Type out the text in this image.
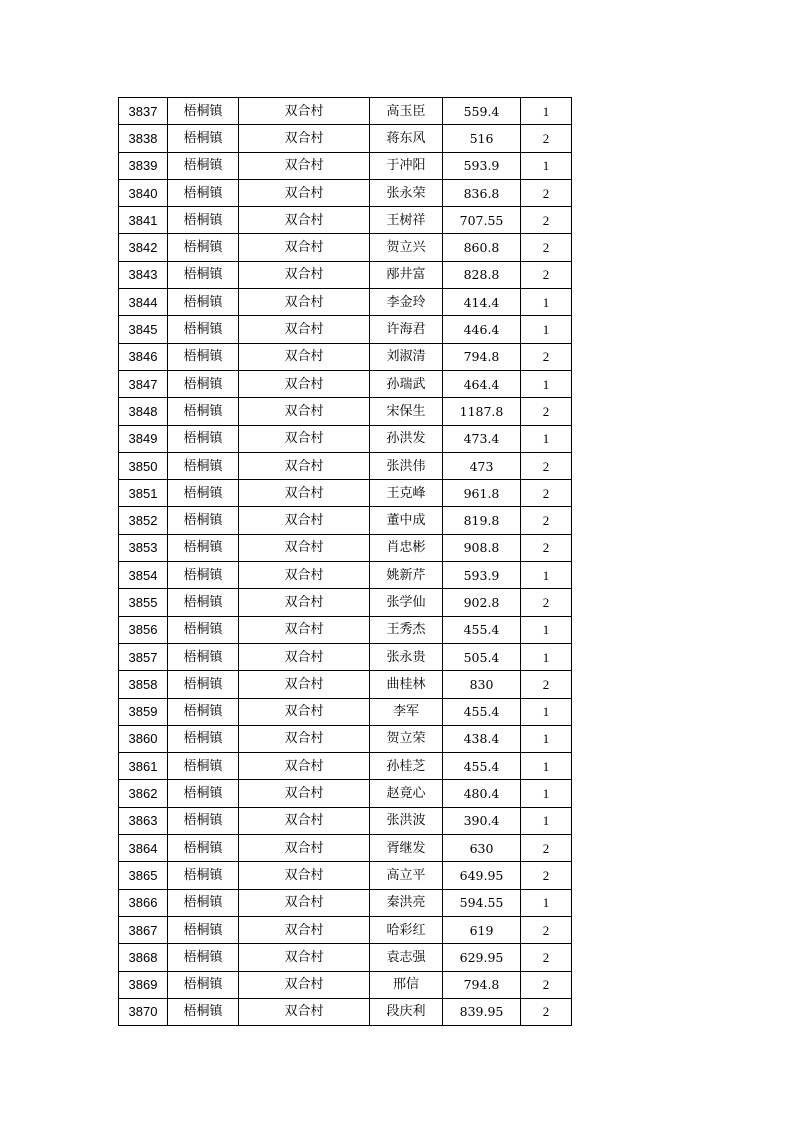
3837	梧桐镇	双合村	高玉臣	559.4	1
3838	梧桐镇	双合村	蒋东风	516	2
3839	梧桐镇	双合村	于冲阳	593.9	1
3840	梧桐镇	双合村	张永荣	836.8	2
3841	梧桐镇	双合村	王树祥	707.55	2
3842	梧桐镇	双合村	贺立兴	860.8	2
3843	梧桐镇	双合村	邴井富	828.8	2
3844	梧桐镇	双合村	李金玲	414.4	1
3845	梧桐镇	双合村	许海君	446.4	1
3846	梧桐镇	双合村	刘淑清	794.8	2
3847	梧桐镇	双合村	孙瑞武	464.4	1
3848	梧桐镇	双合村	宋保生	1187.8	2
3849	梧桐镇	双合村	孙洪发	473.4	1
3850	梧桐镇	双合村	张洪伟	473	2
3851	梧桐镇	双合村	王克峰	961.8	2
3852	梧桐镇	双合村	董中成	819.8	2
3853	梧桐镇	双合村	肖忠彬	908.8	2
3854	梧桐镇	双合村	姚新芹	593.9	1
3855	梧桐镇	双合村	张学仙	902.8	2
3856	梧桐镇	双合村	王秀杰	455.4	1
3857	梧桐镇	双合村	张永贵	505.4	1
3858	梧桐镇	双合村	曲桂林	830	2
3859	梧桐镇	双合村	李军	455.4	1
3860	梧桐镇	双合村	贺立荣	438.4	1
3861	梧桐镇	双合村	孙桂芝	455.4	1
3862	梧桐镇	双合村	赵竟心	480.4	1
3863	梧桐镇	双合村	张洪波	390.4	1
3864	梧桐镇	双合村	胥继发	630	2
3865	梧桐镇	双合村	高立平	649.95	2
3866	梧桐镇	双合村	秦洪亮	594.55	1
3867	梧桐镇	双合村	哈彩红	619	2
3868	梧桐镇	双合村	袁志强	629.95	2
3869	梧桐镇	双合村	邢信	794.8	2
3870	梧桐镇	双合村	段庆利	839.95	2
